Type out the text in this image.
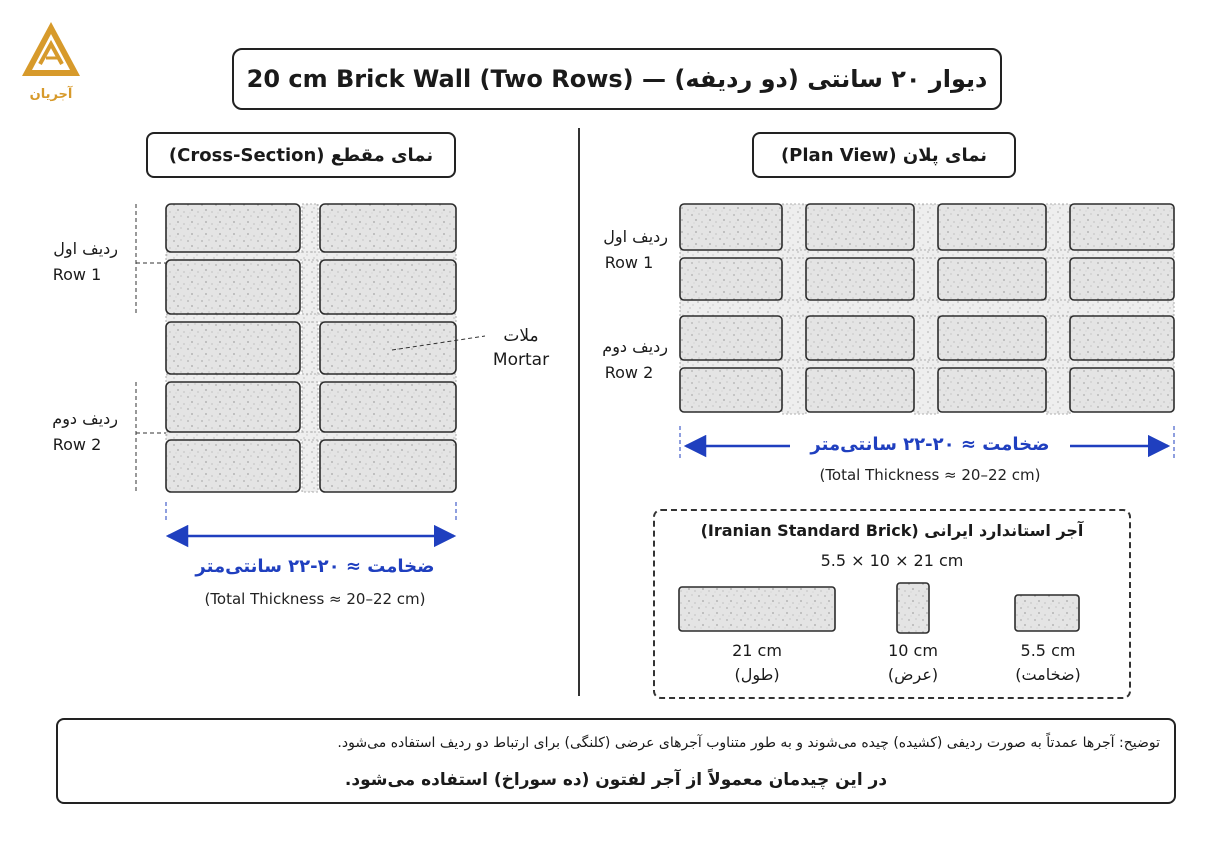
آجریان
20 cm Brick Wall (Two Rows) — دیوار ۲۰ سانتی (دو ردیفه)
(Cross-Section) نمای مقطع
ردیف اول
Row 1
ردیف دوم
Row 2
ملات
Mortar
ضخامت ≈ ۲۰-۲۲ سانتی‌متر
(Total Thickness ≈ 20–22 cm)
(Plan View) نمای پلان
ردیف اول
Row 1
ردیف دوم
Row 2
ضخامت ≈ ۲۰-۲۲ سانتی‌متر
(Total Thickness ≈ 20–22 cm)
(Iranian Standard Brick) آجر استاندارد ایرانی
5.5 × 10 × 21 cm
21 cm
(طول)
10 cm
(عرض)
5.5 cm
(ضخامت)
توضیح: آجرها عمدتاً به صورت ردیفی (کشیده) چیده می‌شوند و به طور متناوب آجرهای عرضی (کلنگی) برای ارتباط دو ردیف استفاده می‌شود.
در این چیدمان معمولاً از آجر لفتون (ده سوراخ) استفاده می‌شود.
